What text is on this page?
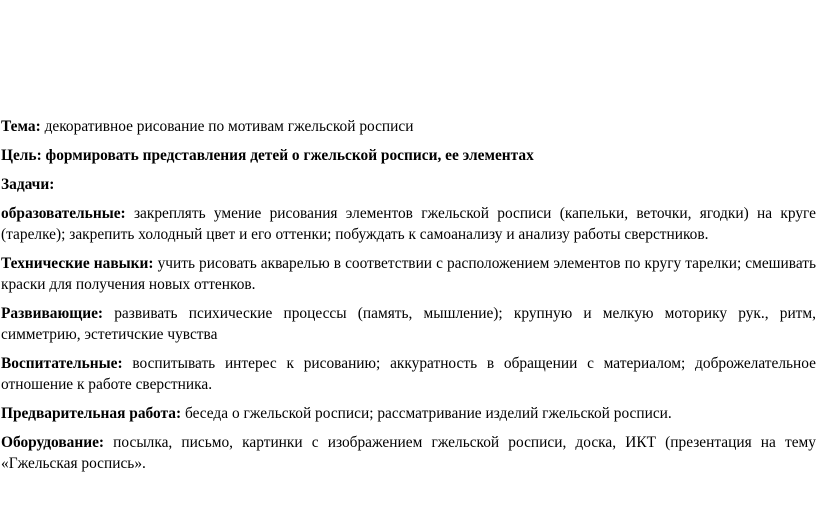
Тема: декоративное рисование по мотивам гжельской росписи

Цель: формировать представления детей о гжельской росписи, ее элементах

Задачи:

образовательные: закреплять умение рисования элементов гжельской росписи (капельки, веточки, ягодки) на круге (тарелке); закрепить холодный цвет и его оттенки; побуждать к самоанализу и анализу работы сверстников.

Технические навыки: учить рисовать акварелью в соответствии с расположением элементов по кругу тарелки; смешивать краски для получения новых оттенков.

Развивающие: развивать психические процессы (память, мышление); крупную и мелкую моторику рук., ритм, симметрию, эстетичские чувства

Воспитательные: воспитывать интерес к рисованию; аккуратность в обращении с материалом; доброжелательное отношение к работе сверстника.

Предварительная работа: беседа о гжельской росписи; рассматривание изделий гжельской росписи.

Оборудование: посылка, письмо, картинки с изображением гжельской росписи, доска, ИКТ (презентация на тему «Гжельская роспись».
